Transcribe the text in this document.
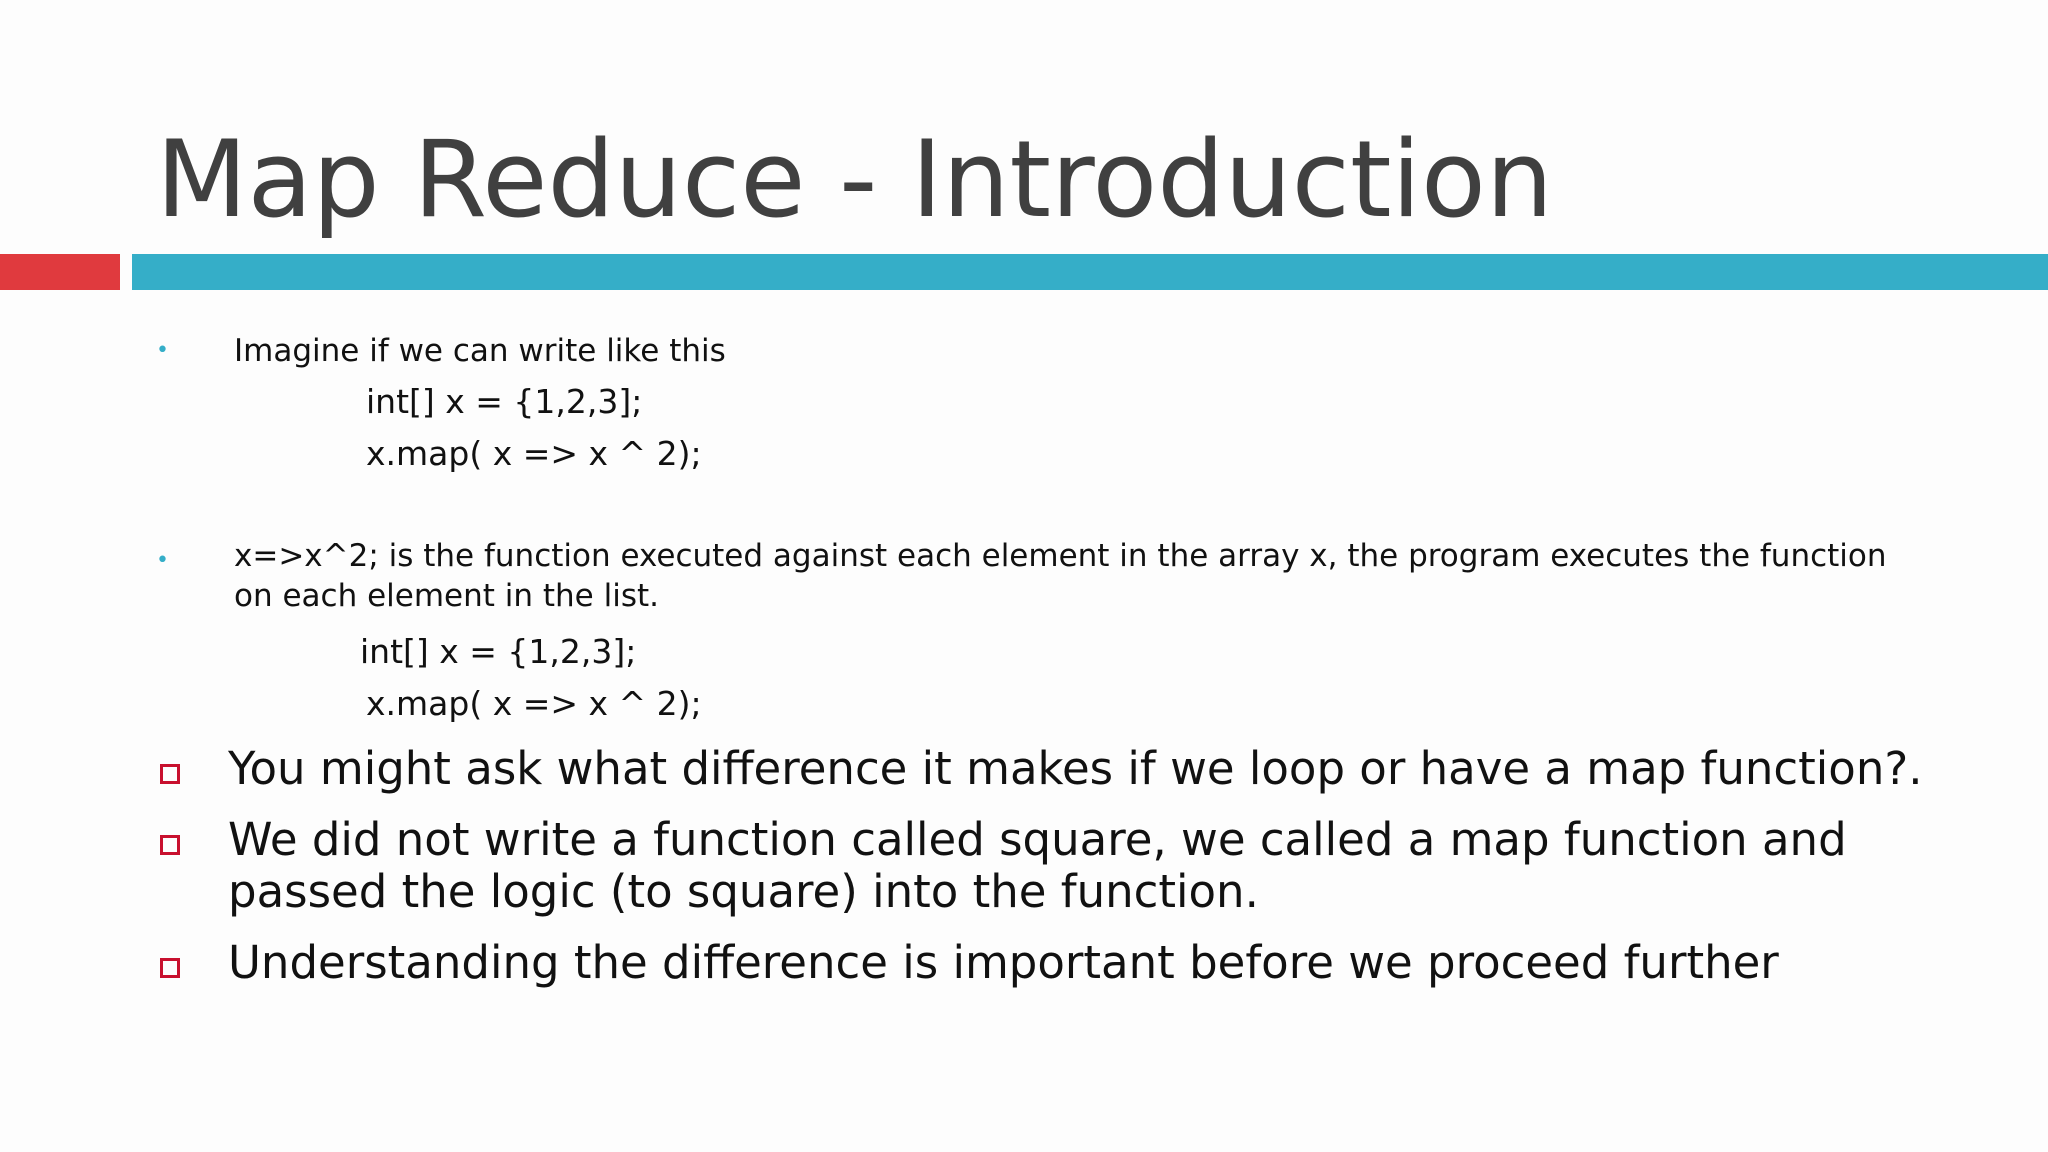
Map Reduce - Introduction
• Imagine if we can write like this
int[] x = {1,2,3];
x.map( x => x ^ 2);
• x=>x^2; is the function executed against each element in the array x, the program executes the function on each element in the list.
int[] x = {1,2,3];
x.map( x => x ^ 2);
You might ask what difference it makes if we loop or have a map function?.
We did not write a function called square, we called a map function and
passed the logic (to square) into the function.
Understanding the difference is important before we proceed further
